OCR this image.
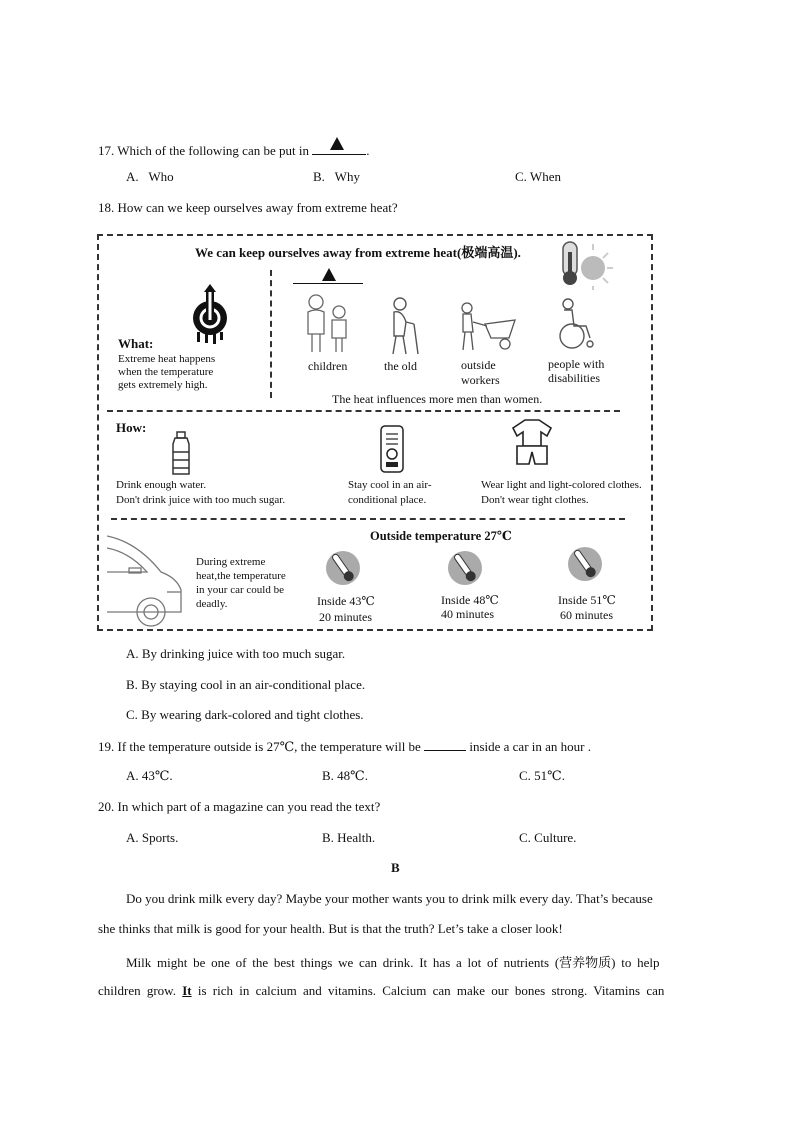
17. Which of the following can be put in	.
A.   Who	B.   Why	C. When
18. How can we keep ourselves away from extreme heat?
We can keep ourselves away from extreme heat(极端高温).
What:
Extreme heat happens
when the temperature
gets extremely high.
children	the old	outside
workers
people with
disabilities
The heat influences more men than women.
How:
Drink enough water.
Don't drink juice with too much sugar.
Stay cool in an air-
conditional place.
Wear light and light-colored clothes.
Don't wear tight clothes.
Outside temperature 27℃
During extreme
heat,the temperature
in your car could be
deadly.	Inside 43℃
20 minutes
Inside 48℃
40 minutes
Inside 51℃
60 minutes
A. By drinking juice with too much sugar.
B. By staying cool in an air-conditional place.
C. By wearing dark-colored and tight clothes.
19. If the temperature outside is 27℃, the temperature will be	inside a car in an hour .
A. 43℃.	B. 48℃.	C. 51℃.
20. In which part of a magazine can you read the text?
A. Sports.	B. Health.	C. Culture.
B
Do you drink milk every day? Maybe your mother wants you to drink milk every day. That’s because
she thinks that milk is good for your health. But is that the truth? Let’s take a closer look!
Milk might be one of the best things we can drink. It has a lot of nutrients (营养物质) to help
children grow. It is rich in calcium and vitamins. Calcium can make our bones strong. Vitamins can
